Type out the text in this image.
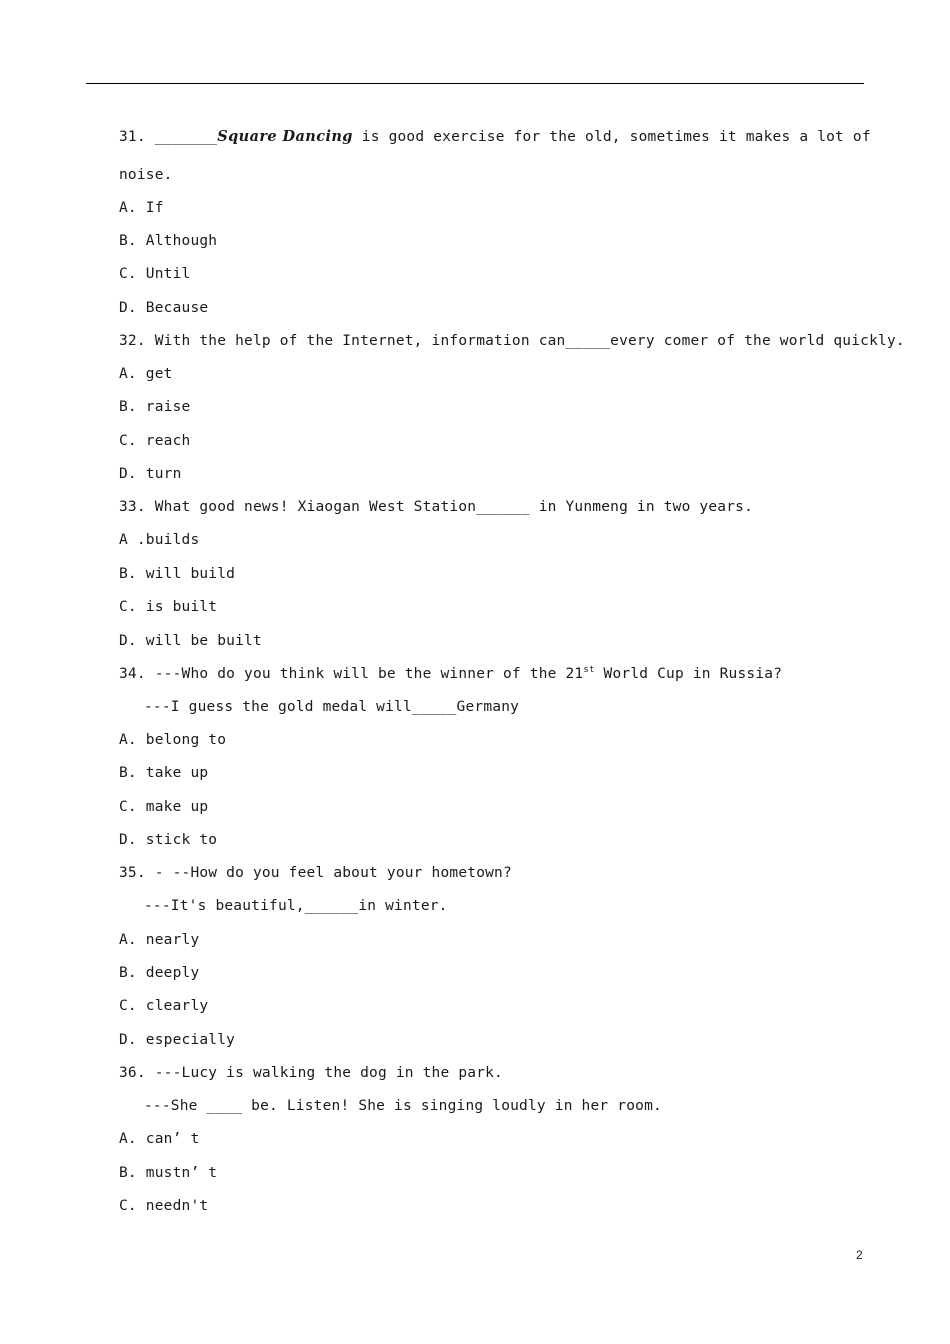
31. _______Square Dancing is good exercise for the old, sometimes it makes a lot of
noise.
A. If
B. Although
C. Until
D. Because
32. With the help of the Internet, information can_____every comer of the world quickly.
A. get
B. raise
C. reach
D. turn
33. What good news! Xiaogan West Station______ in Yunmeng in two years.
A .builds
B. will build
C. is built
D. will be built
34. ---Who do you think will be the winner of the 21st World Cup in Russia?
---I guess the gold medal will_____Germany
A. belong to
B. take up
C. make up
D. stick to
35. - --How do you feel about your hometown?
---It's beautiful,______in winter.
A. nearly
B. deeply
C. clearly
D. especially
36. ---Lucy is walking the dog in the park.
---She ____ be. Listen! She is singing loudly in her room.
A. can’ t
B. mustn’ t
C. needn't
2
